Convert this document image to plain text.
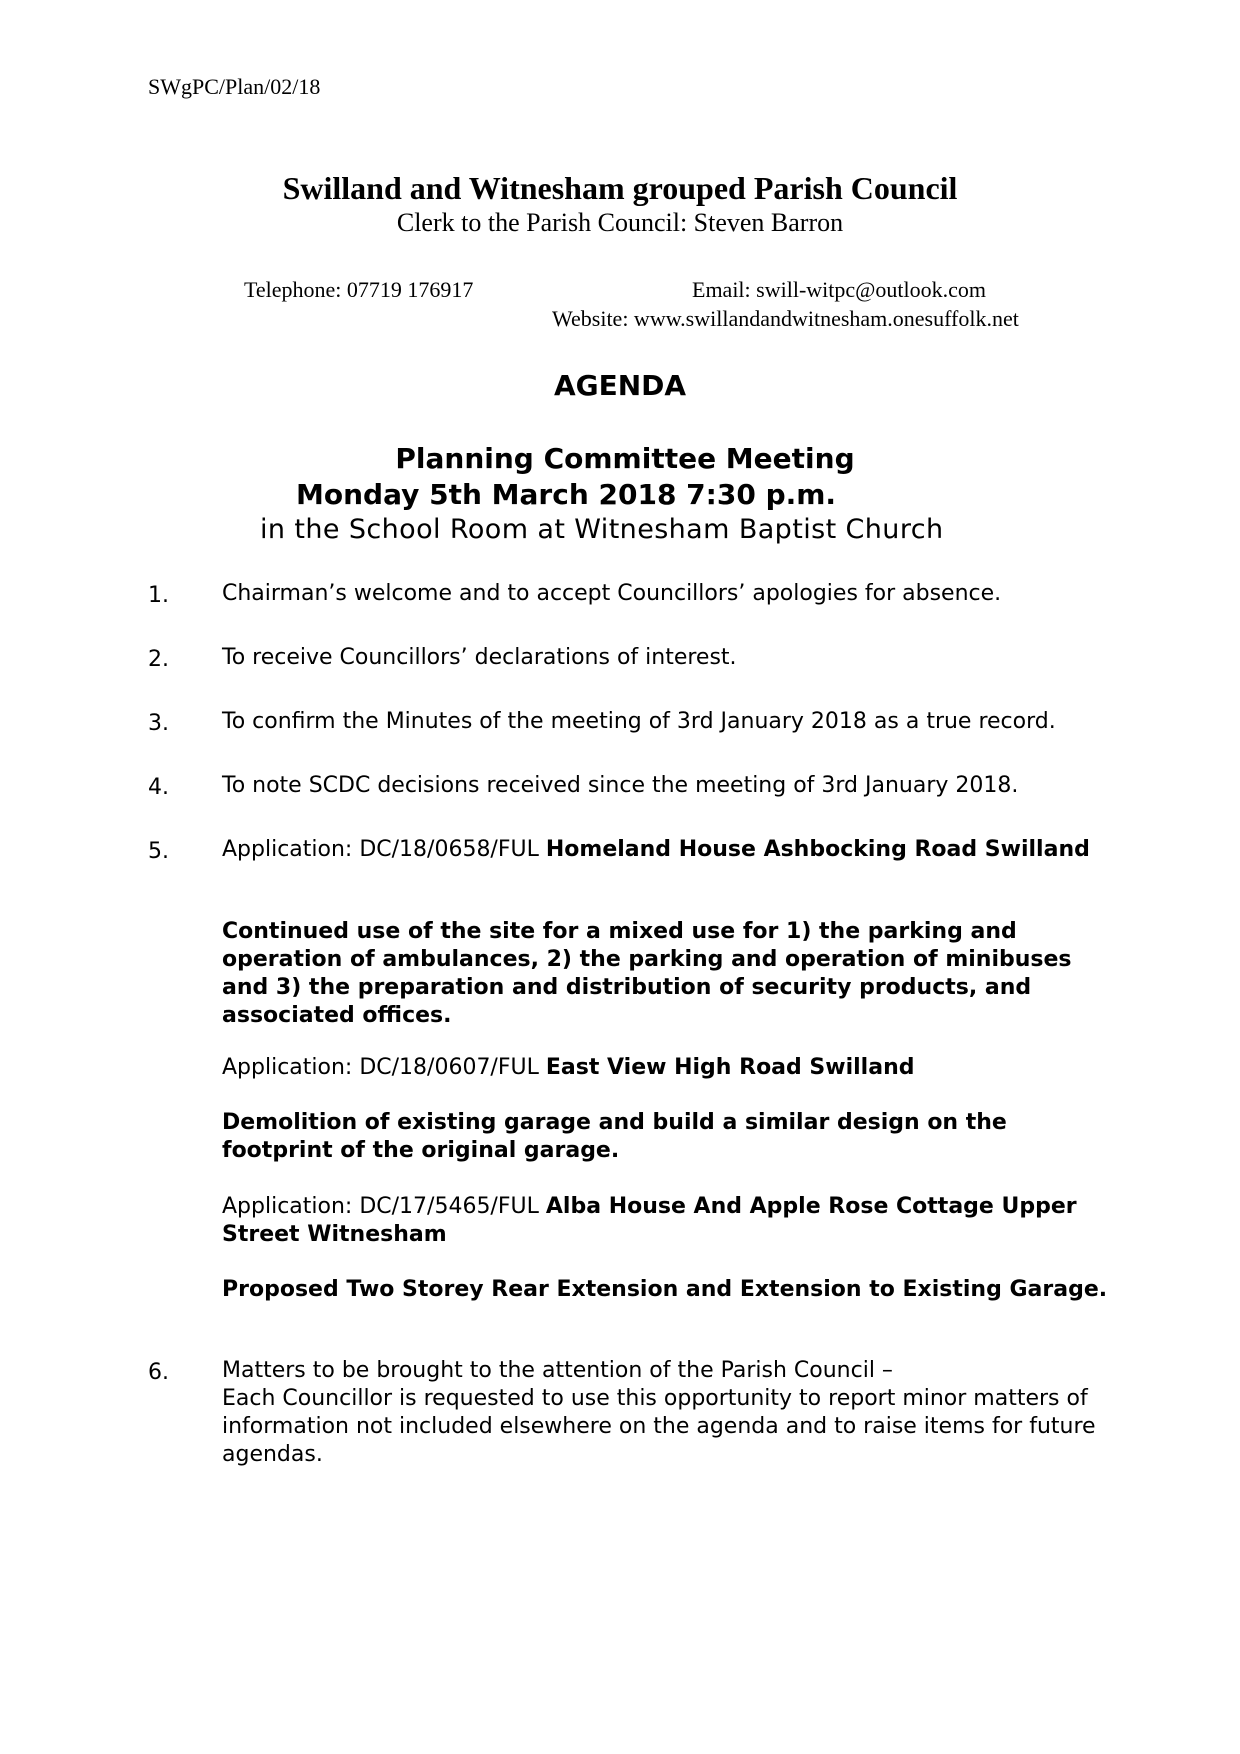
SWgPC/Plan/02/18
Swilland and Witnesham grouped Parish Council
Clerk to the Parish Council: Steven Barron
Telephone: 07719 176917	Email: swill-witpc@outlook.com
Website: www.swillandandwitnesham.onesuffolk.net
AGENDA
Planning Committee Meeting
Monday 5th March 2018 7:30 p.m.
in the School Room at Witnesham Baptist Church
1. Chairman’s welcome and to accept Councillors’ apologies for absence.
2. To receive Councillors’ declarations of interest.
3. To confirm the Minutes of the meeting of 3rd January 2018 as a true record.
4. To note SCDC decisions received since the meeting of 3rd January 2018.
5. Application: DC/18/0658/FUL Homeland House Ashbocking Road Swilland
Continued use of the site for a mixed use for 1) the parking and operation of ambulances, 2) the parking and operation of minibuses and 3) the preparation and distribution of security products, and associated offices.
Application: DC/18/0607/FUL East View High Road Swilland
Demolition of existing garage and build a similar design on the footprint of the original garage.
Application: DC/17/5465/FUL Alba House And Apple Rose Cottage Upper Street Witnesham
Proposed Two Storey Rear Extension and Extension to Existing Garage.
6. Matters to be brought to the attention of the Parish Council –
Each Councillor is requested to use this opportunity to report minor matters of information not included elsewhere on the agenda and to raise items for future agendas.
